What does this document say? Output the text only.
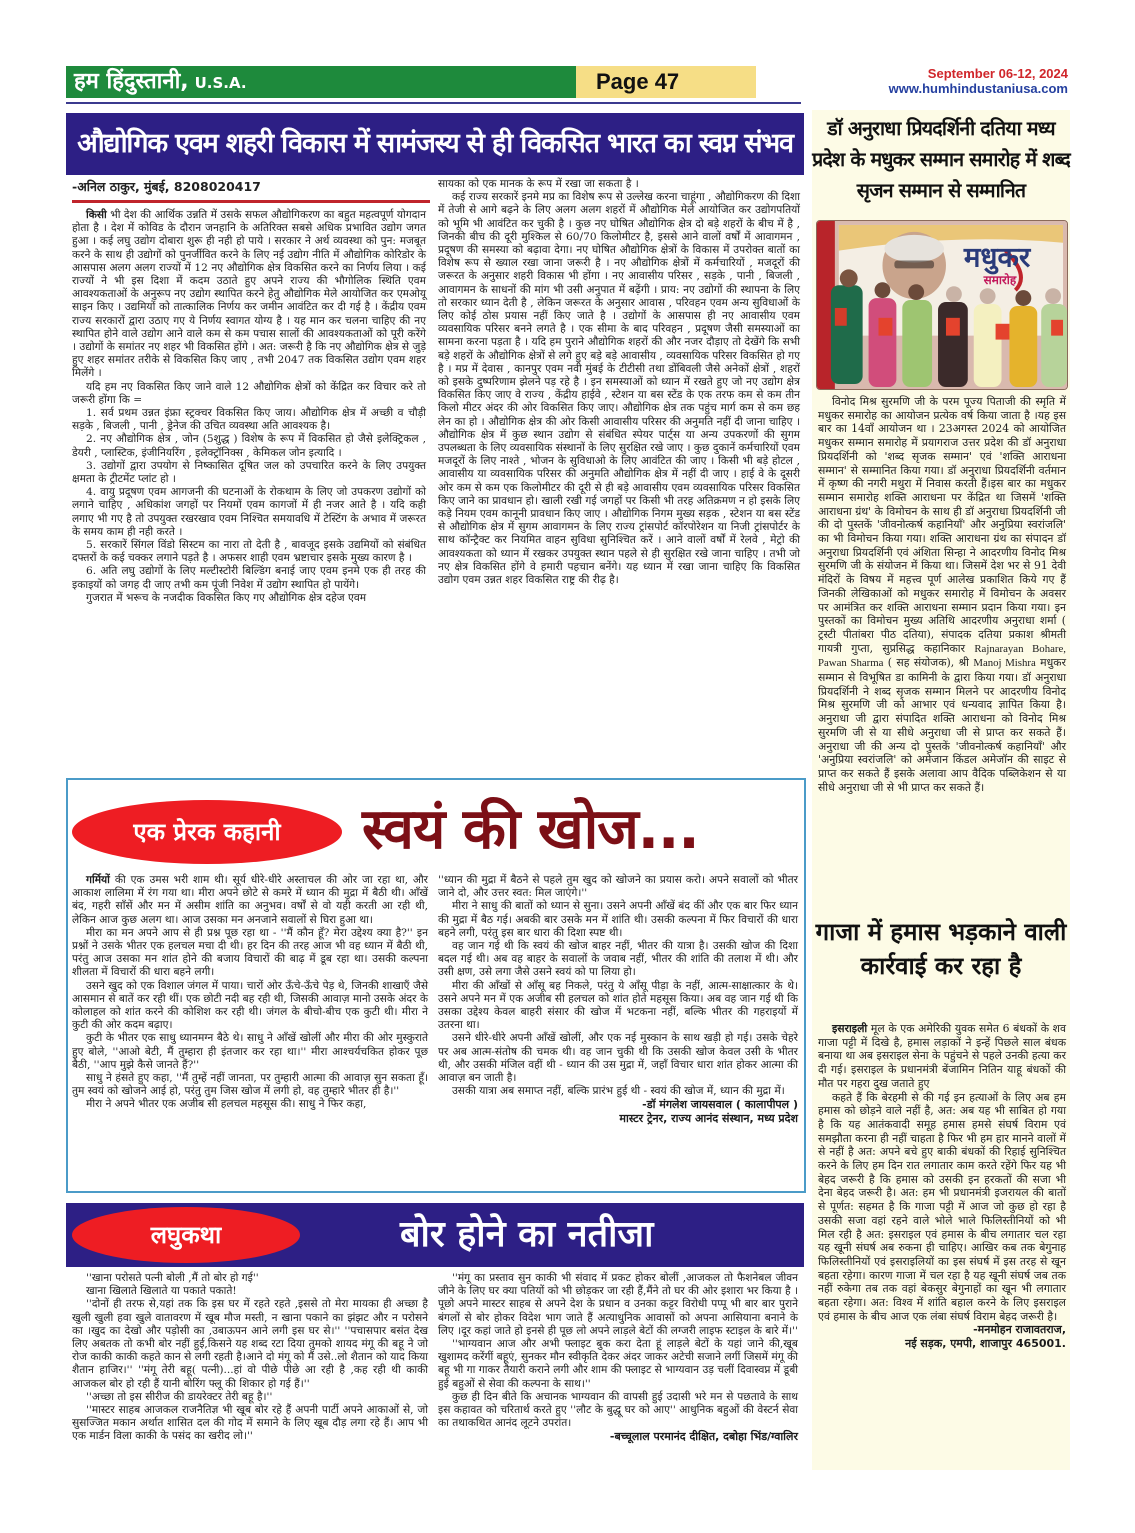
हम हिंदुस्तानी, U.S.A.	Page 47	September 06-12, 2024
www.humhindustaniusa.com
औद्योगिक एवम शहरी विकास में सामंजस्य से ही विकसित भारत का स्वप्न संभव
-अनिल ठाकुर, मुंबई, 8208020417

किसी भी देश की आर्थिक उन्नति में उसके सफल औद्योगिकरण का बहुत महत्वपूर्ण योगदान होता है । देश में कोविड के दौरान जनहानि के अतिरिक्त सबसे अधिक प्रभावित उद्योग जगत हुआ । कई लघु उद्योग दोबारा शुरू ही नही हो पाये । सरकार ने अर्थ व्यवस्था को पुन: मजबूत करने के साथ ही उद्योगों को पुनर्जीवित करने के लिए नई उद्योग नीति में औद्योगिक कोरिडोर के आसपास अलग अलग राज्यों में 12 नए औद्योगिक क्षेत्र विकसित करने का निर्णय लिया । कई राज्यों ने भी इस दिशा में कदम उठाते हुए अपने राज्य की भौगोलिक स्थिति एवम आवश्यकताओं के अनुरूप नए उद्योग स्थापित करने हेतु औद्योगिक मेले आयोजित कर एमओयू साइन किए । उद्यमियों को तात्कालिक निर्णय कर जमीन आवंटित कर दी गई है । केंद्रीय एवम राज्य सरकारों द्वारा उठाए गए ये निर्णय स्वागत योग्य है । यह मान कर चलना चाहिए की नए स्थापित होने वाले उद्योग आने वाले कम से कम पचास सालों की आवश्यकताओं को पूरी करेंगे । उद्योगों के समांतर नए शहर भी विकसित होंगे । अत: जरूरी है कि नए औद्योगिक क्षेत्र से जुड़े हुए शहर समांतर तरीके से विकसित किए जाए , तभी 2047 तक विकसित उद्योग एवम शहर मिलेंगे ।

यदि हम नए विकसित किए जाने वाले 12 औद्योगिक क्षेत्रों को केंद्रित कर विचार करे तो जरूरी होंगा कि =

1. सर्व प्रथम उन्नत इंफ्रा स्ट्रक्चर विकसित किए जाय। औद्योगिक क्षेत्र में अच्छी व चौड़ी सड़के , बिजली , पानी , ड्रेनेज की उचित व्यवस्था अति आवश्यक है।

2. नए औद्योगिक क्षेत्र , जोन (5शुद्ध ) विशेष के रूप में विकसित हो जैसे इलेक्ट्रिकल , डेयरी , प्लास्टिक, इंजीनियरिंग , इलेक्ट्रॉनिक्स , केमिकल जोन इत्यादि ।

3. उद्योगों द्वारा उपयोग से निष्कासित दूषित जल को उपचारित करने के लिए उपयुक्त क्षमता के ट्रीटमेंट प्लांट हो ।

4. वायु प्रदूषण एवम आगजनी की घटनाओं के रोकथाम के लिए जो उपकरण उद्योगों को लगाने चाहिए , अधिकांश जगहों पर नियमों एवम कागजों में ही नजर आते है । यदि कही लगाए भी गए है तो उपयुक्त रखरखाव एवम निश्चित समयावधि में टेस्टिंग के अभाव में जरूरत के समय काम ही नही करते ।

5. सरकारें सिंगल विंडो सिस्टम का नारा तो देती है , बावजूद इसके उद्यमियों को संबंधित दफ्तरों के कई चक्कर लगाने पड़ते है । अफसर शाही एवम भ्रष्टाचार इसके मुख्य कारण है ।

6. अति लघु उद्योगों के लिए मल्टीस्टोरी बिल्डिंग बनाई जाए एवम इनमे एक ही तरह की इकाइयों को जगह दी जाए तभी कम पूंजी निवेश में उद्योग स्थापित हो पायेंगे।

गुजरात में भरूच के नजदीक विकसित किए गए औद्योगिक क्षेत्र दहेज एवम

सायका को एक मानक के रूप में रखा जा सकता है ।

कई राज्य सरकारें इनमे मप्र का विशेष रूप से उल्लेख करना चाहूंगा , औद्योगिकरण की दिशा में तेजी से आगे बढ़ने के लिए अलग अलग शहरों में औद्योगिक मेले आयोजित कर उद्योगपतियों को भूमि भी आवंटित कर चुकी है । कुछ नए घोषित औद्योगिक क्षेत्र दो बड़े शहरों के बीच में है , जिनकी बीच की दूरी मुश्किल से 60/70 किलोमीटर है, इससे आने वालों वर्षों में आवागमन , प्रदूषण की समस्या को बढ़ावा देगा। नए घोषित औद्योगिक क्षेत्रों के विकास में उपरोक्त बातों का विशेष रूप से ख्याल रखा जाना जरूरी है । नए औद्योगिक क्षेत्रों में कर्मचारियों , मजदूरों की जरूरत के अनुसार शहरी विकास भी होंगा । नए आवासीय परिसर , सड़के , पानी , बिजली , आवागमन के साधनों की मांग भी उसी अनुपात में बढ़ेंगी । प्राय: नए उद्योगों की स्थापना के लिए तो सरकार ध्यान देती है , लेकिन जरूरत के अनुसार आवास , परिवहन एवम अन्य सुविधाओं के लिए कोई ठोस प्रयास नहीं किए जाते है । उद्योगों के आसपास ही नए आवासीय एवम व्यवसायिक परिसर बनने लगते है । एक सीमा के बाद परिवहन , प्रदूषण जैसी समस्याओं का सामना करना पड़ता है । यदि हम पुराने औद्योगिक शहरों की और नजर दौड़ाए तो देखेंगे कि सभी बड़े शहरों के औद्योगिक क्षेत्रों से लगे हुए बड़े बड़े आवासीय , व्यवसायिक परिसर विकसित हो गए है । मप्र में देवास , कानपुर एवम नवी मुंबई के टीटीसी तथा डोंबिवली जैसे अनेकों क्षेत्रों , शहरों को इसके दुष्परिणाम झेलने पड़ रहे है । इन समस्याओं को ध्यान में रखते हुए जो नए उद्योग क्षेत्र विकसित किए जाए वे राज्य , केंद्रीय हाईवे , स्टेशन या बस स्टेंड के एक तरफ कम से कम तीन किलो मीटर अंदर की ओर विकसित किए जाए। औद्योगिक क्षेत्र तक पहुंच मार्ग कम से कम छह लेन का हो । औद्योगिक क्षेत्र की ओर किसी आवासीय परिसर की अनुमति नहीं दी जाना चाहिए । औद्योगिक क्षेत्र में कुछ स्थान उद्योग से संबंधित स्पेयर पार्ट्स या अन्य उपकरणों की सुगम उपलब्धता के लिए व्यवसायिक संस्थानों के लिए सुरक्षित रखे जाए । कुछ दुकानें कर्मचारियों एवम मजदूरों के लिए नाश्ते , भोजन के सुविधाओ के लिए आवंटित की जाए । किसी भी बड़े होटल , आवासीय या व्यवसायिक परिसर की अनुमति औद्योगिक क्षेत्र में नहीं दी जाए । हाई वे के दूसरी ओर कम से कम एक किलोमीटर की दूरी से ही बड़े आवासीय एवम व्यवसायिक परिसर विकसित किए जाने का प्रावधान हो। खाली रखी गई जगहों पर किसी भी तरह अतिक्रमण न हो इसके लिए कड़े नियम एवम कानूनी प्रावधान किए जाए । औद्योगिक निगम मुख्य सड़क , स्टेशन या बस स्टेंड से औद्योगिक क्षेत्र में सुगम आवागमन के लिए राज्य ट्रांसपोर्ट कॉरपोरेशन या निजी ट्रांसपोर्टर के साथ कॉन्ट्रैक्ट कर नियमित वाहन सुविधा सुनिश्चित करें । आने वालों वर्षों में रेलवे , मेट्रो की आवश्यकता को ध्यान में रखकर उपयुक्त स्थान पहले से ही सुरक्षित रखे जाना चाहिए । तभी जो नए क्षेत्र विकसित होंगे वे हमारी पहचान बनेंगे। यह ध्यान में रखा जाना चाहिए कि विकसित उद्योग एवम उन्नत शहर विकसित राष्ट्र की रीढ़ है।

डॉ अनुराधा प्रियदर्शिनी दतिया मध्य प्रदेश के मधुकर सम्मान समारोह में शब्द सृजन सम्मान से सम्मानित
मधुकर
समारोह

विनोद मिश्र सुरमणि जी के परम पूज्य पिताजी की स्मृति में मधुकर समारोह का आयोजन प्रत्येक वर्ष किया जाता है ।यह इस बार का 14वाँ आयोजन था । 23अगस्त 2024 को आयोजित मधुकर सम्मान समारोह में प्रयागराज उत्तर प्रदेश की डॉ अनुराधा प्रियदर्शिनी को 'शब्द सृजक सम्मान' एवं 'शक्ति आराधना सम्मान' से सम्मानित किया गया। डॉ अनुराधा प्रियदर्शिनी वर्तमान में कृष्ण की नगरी मथुरा में निवास करती हैं।इस बार का मधुकर सम्मान समारोह शक्ति आराधना पर केंद्रित था जिसमें 'शक्ति आराधना ग्रंथ' के विमोचन के साथ ही डॉ अनुराधा प्रियदर्शिनी जी की दो पुस्तकें 'जीवनोत्कर्ष कहानियाँ' और अनुप्रिया स्वरांजलि' का भी विमोचन किया गया। शक्ति आराधना ग्रंथ का संपादन डॉ अनुराधा प्रियदर्शिनी एवं अंशिता सिन्हा ने आदरणीय विनोद मिश्र सुरमणि जी के संयोजन में किया था। जिसमें देश भर से 91 देवी मंदिरों के विषय में महत्त्व पूर्ण आलेख प्रकाशित किये गए हैं जिनकी लेखिकाओं को मधुकर समारोह में विमोचन के अवसर पर आमंत्रित कर शक्ति आराधना सम्मान प्रदान किया गया। इन पुस्तकों का विमोचन मुख्य अतिथि आदरणीय अनुराधा शर्मा ( ट्रस्टी पीतांबरा पीठ दतिया), संपादक दतिया प्रकाश श्रीमती गायत्री गुप्ता, सुप्रसिद्ध कहानिकार Rajnarayan Bohare, Pawan Sharma ( सह संयोजक), श्री Manoj Mishra मधुकर सम्मान से विभूषित डा कामिनी के द्वारा किया गया। डॉ अनुराधा प्रियदर्शिनी ने शब्द सृजक सम्मान मिलने पर आदरणीय विनोद मिश्र सुरमणि जी को आभार एवं धन्यवाद ज्ञापित किया है। अनुराधा जी द्वारा संपादित शक्ति आराधना को विनोद मिश्र सुरमणि जी से या सीधे अनुराधा जी से प्राप्त कर सकते हैं। अनुराधा जी की अन्य दो पुस्तकें 'जीवनोत्कर्ष कहानियाँ' और 'अनुप्रिया स्वरांजलि' को अमेजान किंडल अमेजॉन की साइट से प्राप्त कर सकते हैं इसके अलावा आप वैदिक पब्लिकेशन से या सीधे अनुराधा जी से भी प्राप्त कर सकते हैं।

गाजा में हमास भड़काने वाली कार्रवाई कर रहा है

इसराइली मूल के एक अमेरिकी युवक समेत 6 बंधकों के शव गाजा पट्टी में दिखे है, हमास लड़ाकों ने इन्हें पिछले साल बंधक बनाया था अब इसराइल सेना के पहुंचने से पहले उनकी हत्या कर दी गई। इसराइल के प्रधानमंत्री बेंजामिन नितिन याहू बंधकों की मौत पर गहरा दुख जताते हुए

कहते हैं कि बेरहमी से की गई इन हत्याओं के लिए अब हम हमास को छोड़ने वाले नहीं है, अत: अब यह भी साबित हो गया है कि यह आतंकवादी समूह हमास हमसे संघर्ष विराम एवं समझौता करना ही नहीं चाहता है फिर भी हम हार मानने वालों में से नहीं है अत: अपने बचे हुए बाकी बंधकों की रिहाई सुनिश्चित करने के लिए हम दिन रात लगातार काम करते रहेंगे फिर यह भी बेहद जरूरी है कि हमास को उसकी इन हरकतों की सजा भी देना बेहद जरूरी है। अत: हम भी प्रधानमंत्री इजरायल की बातों से पूर्णत: सहमत है कि गाजा पट्टी में आज जो कुछ हो रहा है उसकी सजा वहां रहने वाले भोले भाले फिलिस्तीनियों को भी मिल रही है अत: इसराइल एवं हमास के बीच लगातार चल रहा यह खूनी संघर्ष अब रुकना ही चाहिए। आखिर कब तक बेगुनाह फिलिस्तीनियों एवं इसराइलियों का इस संघर्ष में इस तरह से खून बहता रहेगा। कारण गाजा में चल रहा है यह खूनी संघर्ष जब तक नहीं रुकेगा तब तक वहां बेकसुर बेगुनाहों का खून भी लगातार बहता रहेगा। अत: विश्व में शांति बहाल करने के लिए इसराइल एवं हमास के बीच आज एक लंबा संघर्ष विराम बेहद जरूरी है।

-मनमोहन राजावतराज,

नई सड़क, एमपी, शाजापुर 465001.

एक प्रेरक कहानी	स्वयं की खोज...

गर्मियों की एक उमस भरी शाम थी। सूर्य धीरे-धीरे अस्ताचल की ओर जा रहा था, और आकाश लालिमा में रंग गया था। मीरा अपने छोटे से कमरे में ध्यान की मुद्रा में बैठी थी। आँखें बंद, गहरी साँसें और मन में असीम शांति का अनुभव। वर्षों से वो यही करती आ रही थी, लेकिन आज कुछ अलग था। आज उसका मन अनजाने सवालों से घिरा हुआ था।

मीरा का मन अपने आप से ही प्रश्न पूछ रहा था - ''मैं कौन हूँ? मेरा उद्देश्य क्या है?'' इन प्रश्नों ने उसके भीतर एक हलचल मचा दी थी। हर दिन की तरह आज भी वह ध्यान में बैठी थी, परंतु आज उसका मन शांत होने की बजाय विचारों की बाढ़ में डूब रहा था। उसकी कल्पना शीलता में विचारों की धारा बहने लगी।

उसने खुद को एक विशाल जंगल में पाया। चारों ओर ऊँचे-ऊँचे पेड़ थे, जिनकी शाखाएँ जैसे आसमान से बातें कर रही थीं। एक छोटी नदी बह रही थी, जिसकी आवाज़ मानो उसके अंदर के कोलाहल को शांत करने की कोशिश कर रही थी। जंगल के बीचो-बीच एक कुटी थी। मीरा ने कुटी की ओर कदम बढ़ाए।

कुटी के भीतर एक साधु ध्यानमग्न बैठे थे। साधु ने आँखें खोलीं और मीरा की ओर मुस्कुराते हुए बोले, ''आओ बेटी, मैं तुम्हारा ही इंतजार कर रहा था।'' मीरा आश्चर्यचकित होकर पूछ बैठी, ''आप मुझे कैसे जानते हैं?''

साधु ने हंसते हुए कहा, ''मैं तुम्हें नहीं जानता, पर तुम्हारी आत्मा की आवाज़ सुन सकता हूँ। तुम स्वयं को खोजने आई हो, परंतु तुम जिस खोज में लगी हो, वह तुम्हारे भीतर ही है।''

मीरा ने अपने भीतर एक अजीब सी हलचल महसूस की। साधु ने फिर कहा,

''ध्यान की मुद्रा में बैठने से पहले तुम खुद को खोजने का प्रयास करो। अपने सवालों को भीतर जाने दो, और उत्तर स्वत: मिल जाएंगे।''

मीरा ने साधु की बातों को ध्यान से सुना। उसने अपनी आँखें बंद कीं और एक बार फिर ध्यान की मुद्रा में बैठ गई। अबकी बार उसके मन में शांति थी। उसकी कल्पना में फिर विचारों की धारा बहने लगी, परंतु इस बार धारा की दिशा स्पष्ट थी।

वह जान गई थी कि स्वयं की खोज बाहर नहीं, भीतर की यात्रा है। उसकी खोज की दिशा बदल गई थी। अब वह बाहर के सवालों के जवाब नहीं, भीतर की शांति की तलाश में थी। और उसी क्षण, उसे लगा जैसे उसने स्वयं को पा लिया हो।

मीरा की आँखों से आँसू बह निकले, परंतु ये आँसू पीड़ा के नहीं, आत्म-साक्षात्कार के थे। उसने अपने मन में एक अजीब सी हलचल को शांत होते महसूस किया। अब वह जान गई थी कि उसका उद्देश्य केवल बाहरी संसार की खोज में भटकना नहीं, बल्कि भीतर की गहराइयों में उतरना था।

उसने धीरे-धीरे अपनी आँखें खोलीं, और एक नई मुस्कान के साथ खड़ी हो गई। उसके चेहरे पर अब आत्म-संतोष की चमक थी। वह जान चुकी थी कि उसकी खोज केवल उसी के भीतर थी, और उसकी मंजिल वहीं थी - ध्यान की उस मुद्रा में, जहाँ विचार धारा शांत होकर आत्मा की आवाज़ बन जाती है।

उसकी यात्रा अब समाप्त नहीं, बल्कि प्रारंभ हुई थी - स्वयं की खोज में, ध्यान की मुद्रा में।

-डॉ मंगलेश जायसवाल ( कालापीपल )

मास्टर ट्रेनर, राज्य आनंद संस्थान, मध्य प्रदेश

लघुकथा	बोर होने का नतीजा

''खाना परोसते पत्नी बोली ,मैं तो बोर हो गई''

खाना खिलाते खिलाते या पकाते पकाते!

''दोनों ही तरफ से,यहां तक कि इस घर में रहते रहते ,इससे तो मेरा मायका ही अच्छा है खुली खुली हवा खुले वातावरण में खूब मौज मस्ती, न खाना पकाने का झंझट और न परोसने का ।खुद का देखो और पड़ोसी का ,उबाऊपन आने लगी इस घर से।'' ''पचासपार बसंत देख लिए अबतक तो कभी बोर नहीं हुई,किसने यह शब्द रटा दिया तुमको शायद मंगू की बहू ने जो रोज काकी काकी कहते कान से लगी रहती है।आने दो मंगू को मैं उसे..लो शैतान को याद किया शैतान हाजिर।'' ''मंगू तेरी बहू( पत्नी)...हां वो पीछे पीछे आ रही है ,कह रही थी काकी आजकल बोर हो रही हैं यानी बोरिंग फ्लू की शिकार हो गई हैं।''

''अच्छा तो इस सीरीज की डायरेक्टर तेरी बहू है।''

''मास्टर साहब आजकल राजनैतिज्ञ भी खूब बोर रहे हैं अपनी पार्टी अपने आकाओं से, जो सुसज्जित मकान अर्थात शासित दल की गोद में समाने के लिए खूब दौड़ लगा रहे हैं। आप भी एक मार्डन विला काकी के पसंद का खरीद लो।''

''मंगू का प्रस्ताव सुन काकी भी संवाद में प्रकट होकर बोलीं ,आजकल तो फैशनेबल जीवन जीने के लिए घर क्या पतियों को भी छोड़कर जा रही हैं,मैंने तो घर की ओर इशारा भर किया है ।पूछो अपने मास्टर साहब से अपने देश के प्रधान व उनका कट्टर विरोधी पप्पू भी बार बार पुराने बंगलों से बोर होकर विदेश भाग जाते हैं अत्याधुनिक आवासों को अपना आसियाना बनाने के लिए ।दूर कहां जाते हो इनसे ही पूछ लो अपने लाड़ले बेटों की लग्जरी लाइफ स्टाइल के बारे में।''

''भाग्यवान आज और अभी फ्लाइट बुक करा देता हूं लाड़ले बेटों के यहां जाने की,खूब खुशामद करेंगीं बहूएं, सुनकर मौन स्वीकृति देकर अंदर जाकर अटेची सजाने लगीं जिसमें मंगू की बहू भी गा गाकर तैयारी कराने लगी और शाम की फ्लाइट से भाग्यवान उड़ चलीं दिवास्वप्न में डूबी हुई बहुओं से सेवा की कल्पना के साथ।''

कुछ ही दिन बीते कि अचानक भाग्यवान की वापसी हुई उदासी भरे मन से पछतावे के साथ इस कहावत को चरितार्थ करते हुए ''लौट के बुद्धू घर को आए'' आधुनिक बहुओं की वेस्टर्न सेवा का तथाकथित आनंद लूटने उपरांत।

-बच्चूलाल परमानंद दीक्षित, दबोहा भिंड/ग्वालिर
